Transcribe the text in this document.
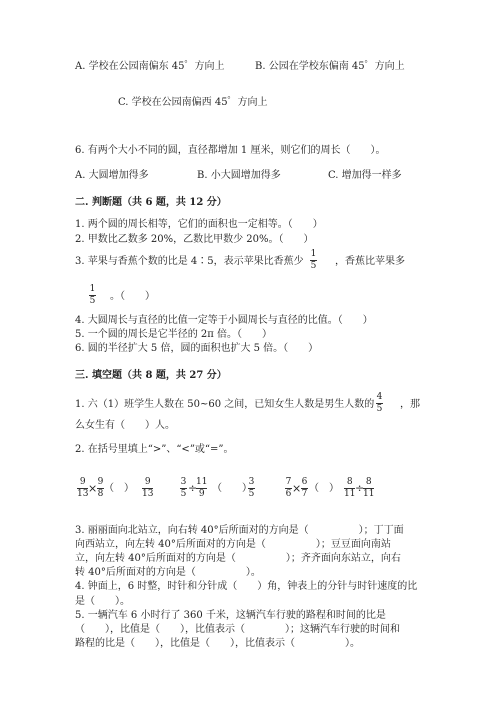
A. 学校在公园南偏东 45゜方向上	B. 公园在学校东偏南 45゜方向上
C. 学校在公园南偏西 45゜方向上
6. 有两个大小不同的圆，直径都增加 1 厘米，则它们的周长（　　）。
A. 大圆增加得多	B. 小大圆增加得多	C. 增加得一样多
二. 判断题（共 6 题，共 12 分）
1. 两个圆的周长相等，它们的面积也一定相等。（　　）
2. 甲数比乙数多 20%，乙数比甲数少 20%。（　　）
3. 苹果与香蕉个数的比是 4∶5，表示苹果比香蕉少
1
5 ，香蕉比苹果多
1
5 。（　　）
4. 大圆周长与直径的比值一定等于小圆周长与直径的比值。（　　）
5. 一个圆的周长是它半径的 2π 倍。（　　）
6. 圆的半径扩大 5 倍，圆的面积也扩大 5 倍。（　　）
三. 填空题（共 8 题，共 27 分）
1. 六（1）班学生人数在 50~60 之间，已知女生人数是男生人数的
4
5 ，那
么女生有（　　）人。
2. 在括号里填上“>”、“<”或“=”。
9
13 × 9
8 （　）
9
13
3
5 ÷
11
9 （　　）
3
5
7
6 × 6
7 （　）
8
11 ÷ 8
11
3. 丽丽面向北站立，向右转 40°后所面对的方向是（　　　　　）；丁丁面
向西站立，向左转 40°后所面对的方向是（　　　　　）；豆豆面向南站
立，向左转 40°后所面对的方向是（　　　　　）；齐齐面向东站立，向右
转 40°后所面对的方向是（　　　　　）。
4. 钟面上，6 时整，时针和分针成（　　）角，钟表上的分针与时针速度的比
是（　　）。
5. 一辆汽车 6 小时行了 360 千米，这辆汽车行驶的路程和时间的比是
（　　），比值是（　　），比值表示（　　　　）；这辆汽车行驶的时间和
路程的比是（　　），比值是（　　），比值表示（　　　　　）。
